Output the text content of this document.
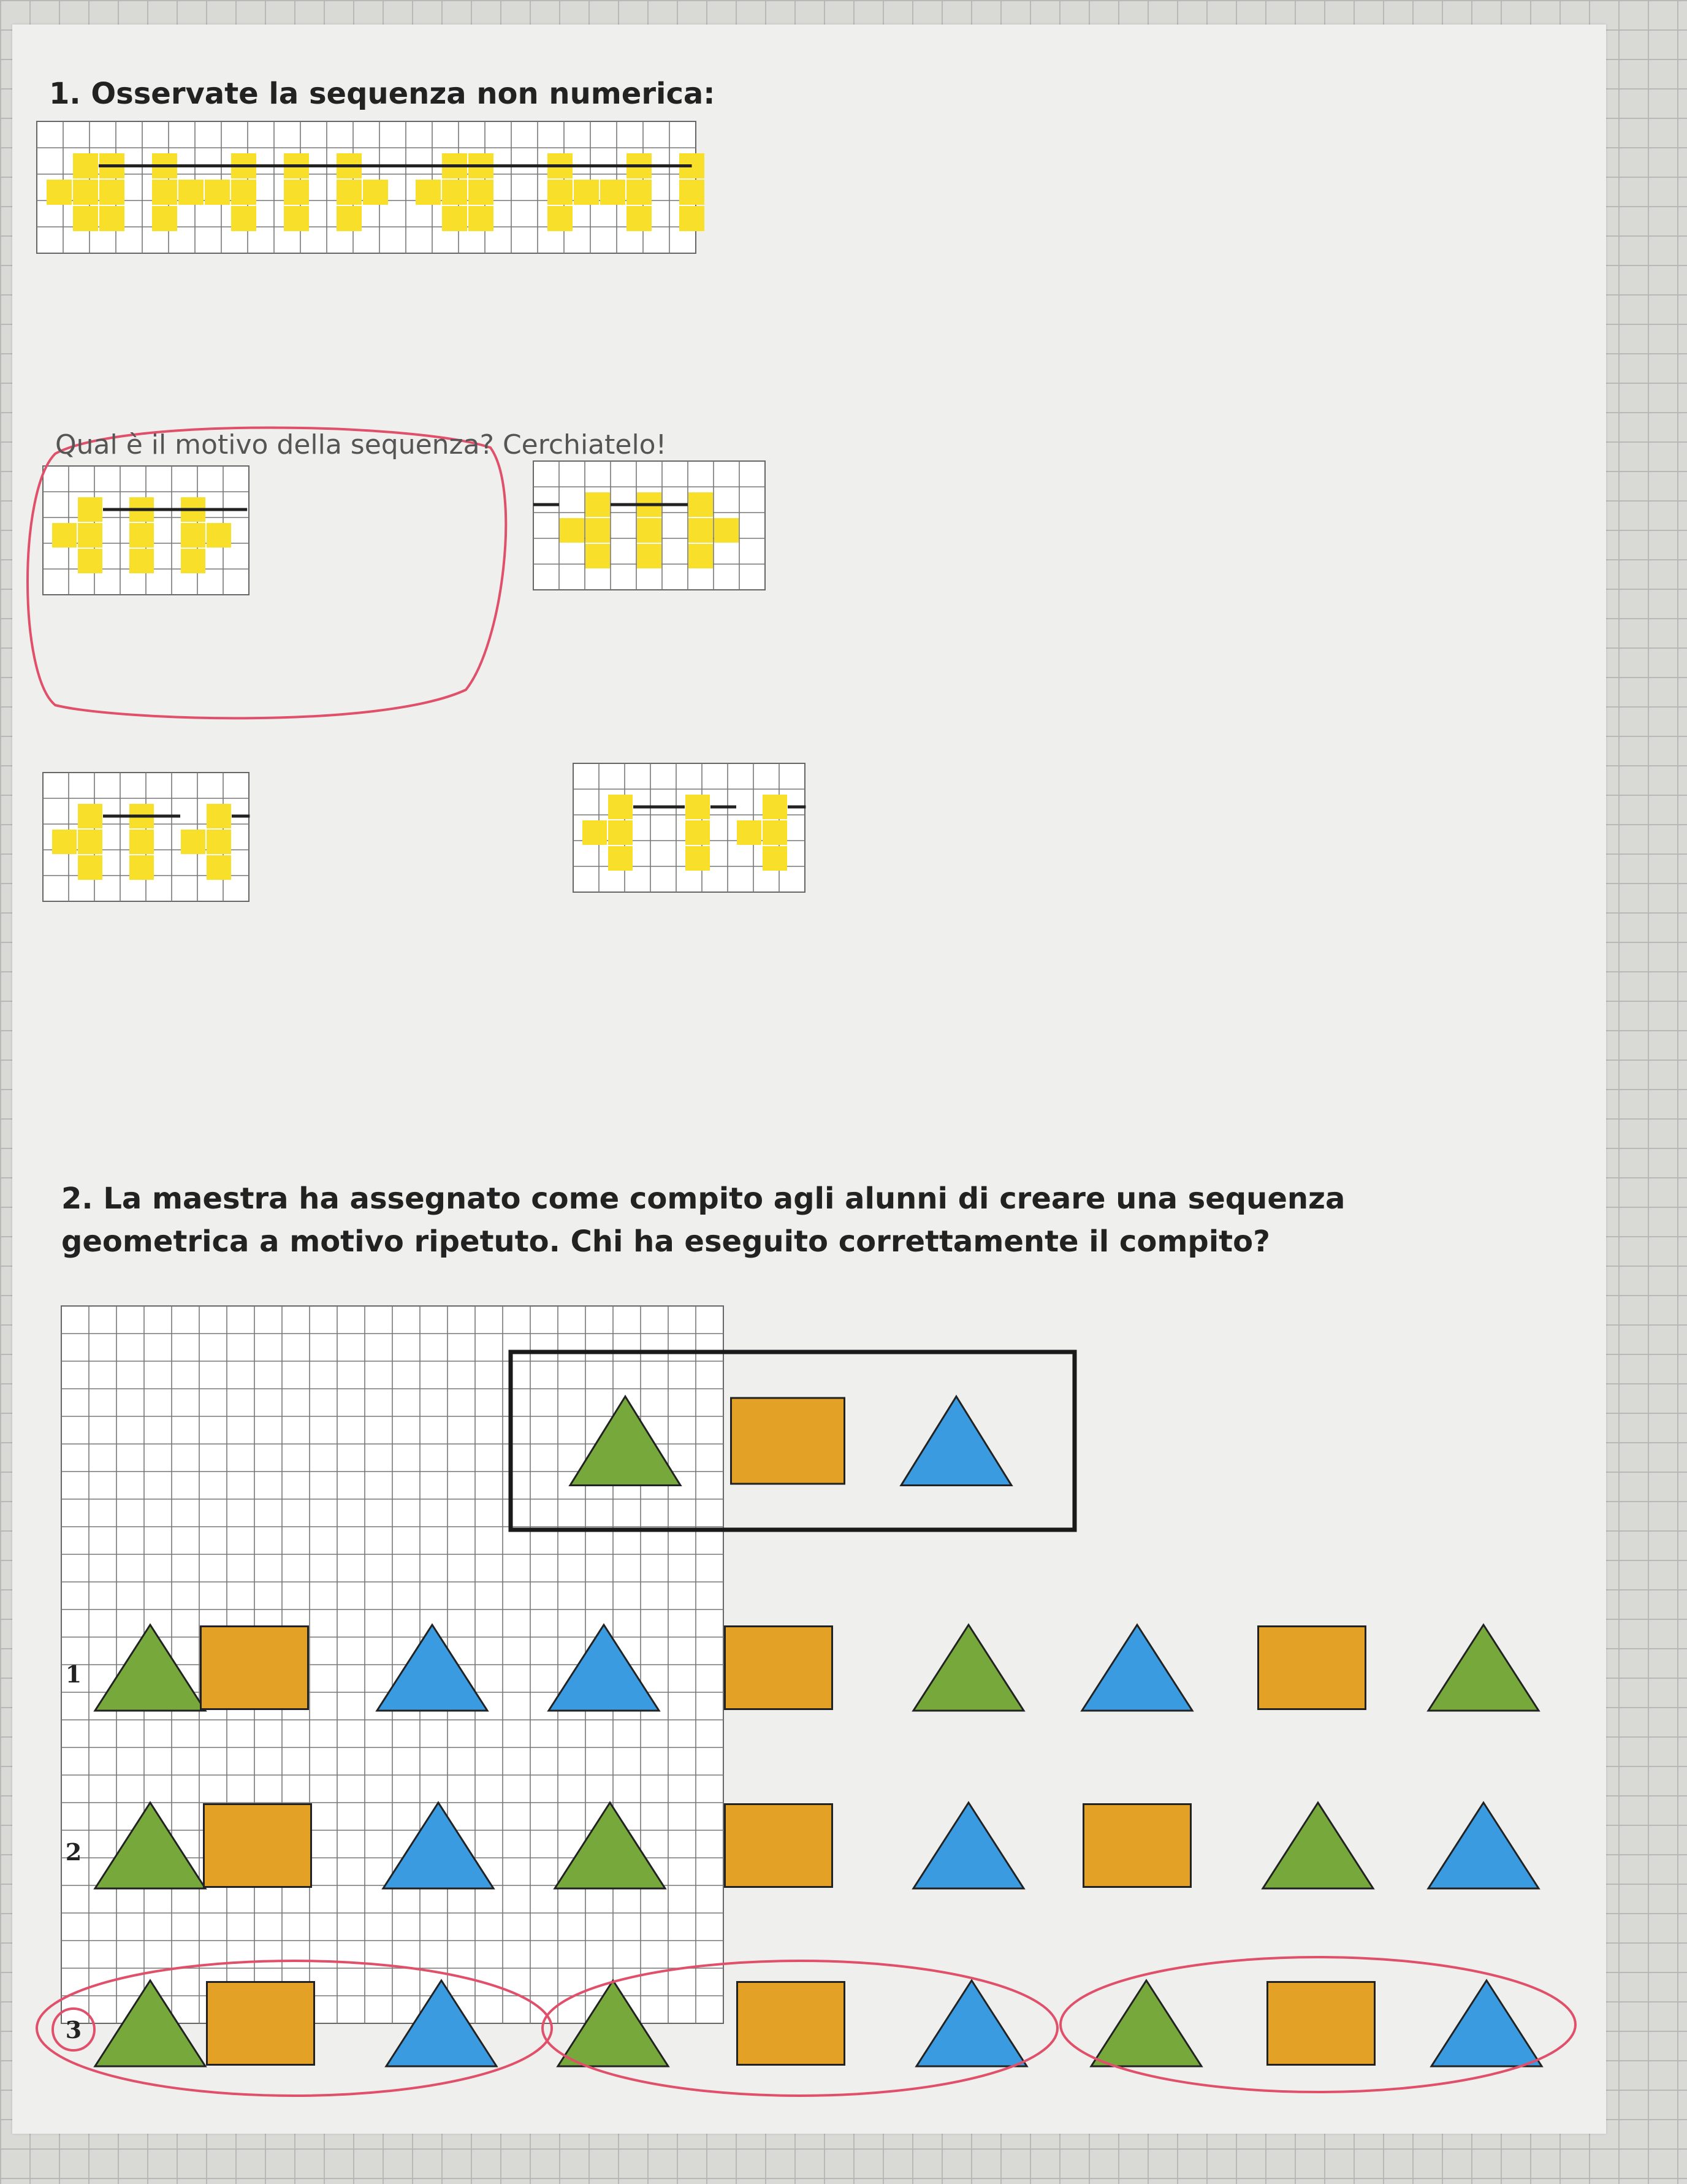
1. Osservate la sequenza non numerica:

Qual è il motivo della sequenza? Cerchiatelo!

2. La maestra ha assegnato come compito agli alunni di creare una sequenza
geometrica a motivo ripetuto. Chi ha eseguito correttamente il compito?
1
2
3
